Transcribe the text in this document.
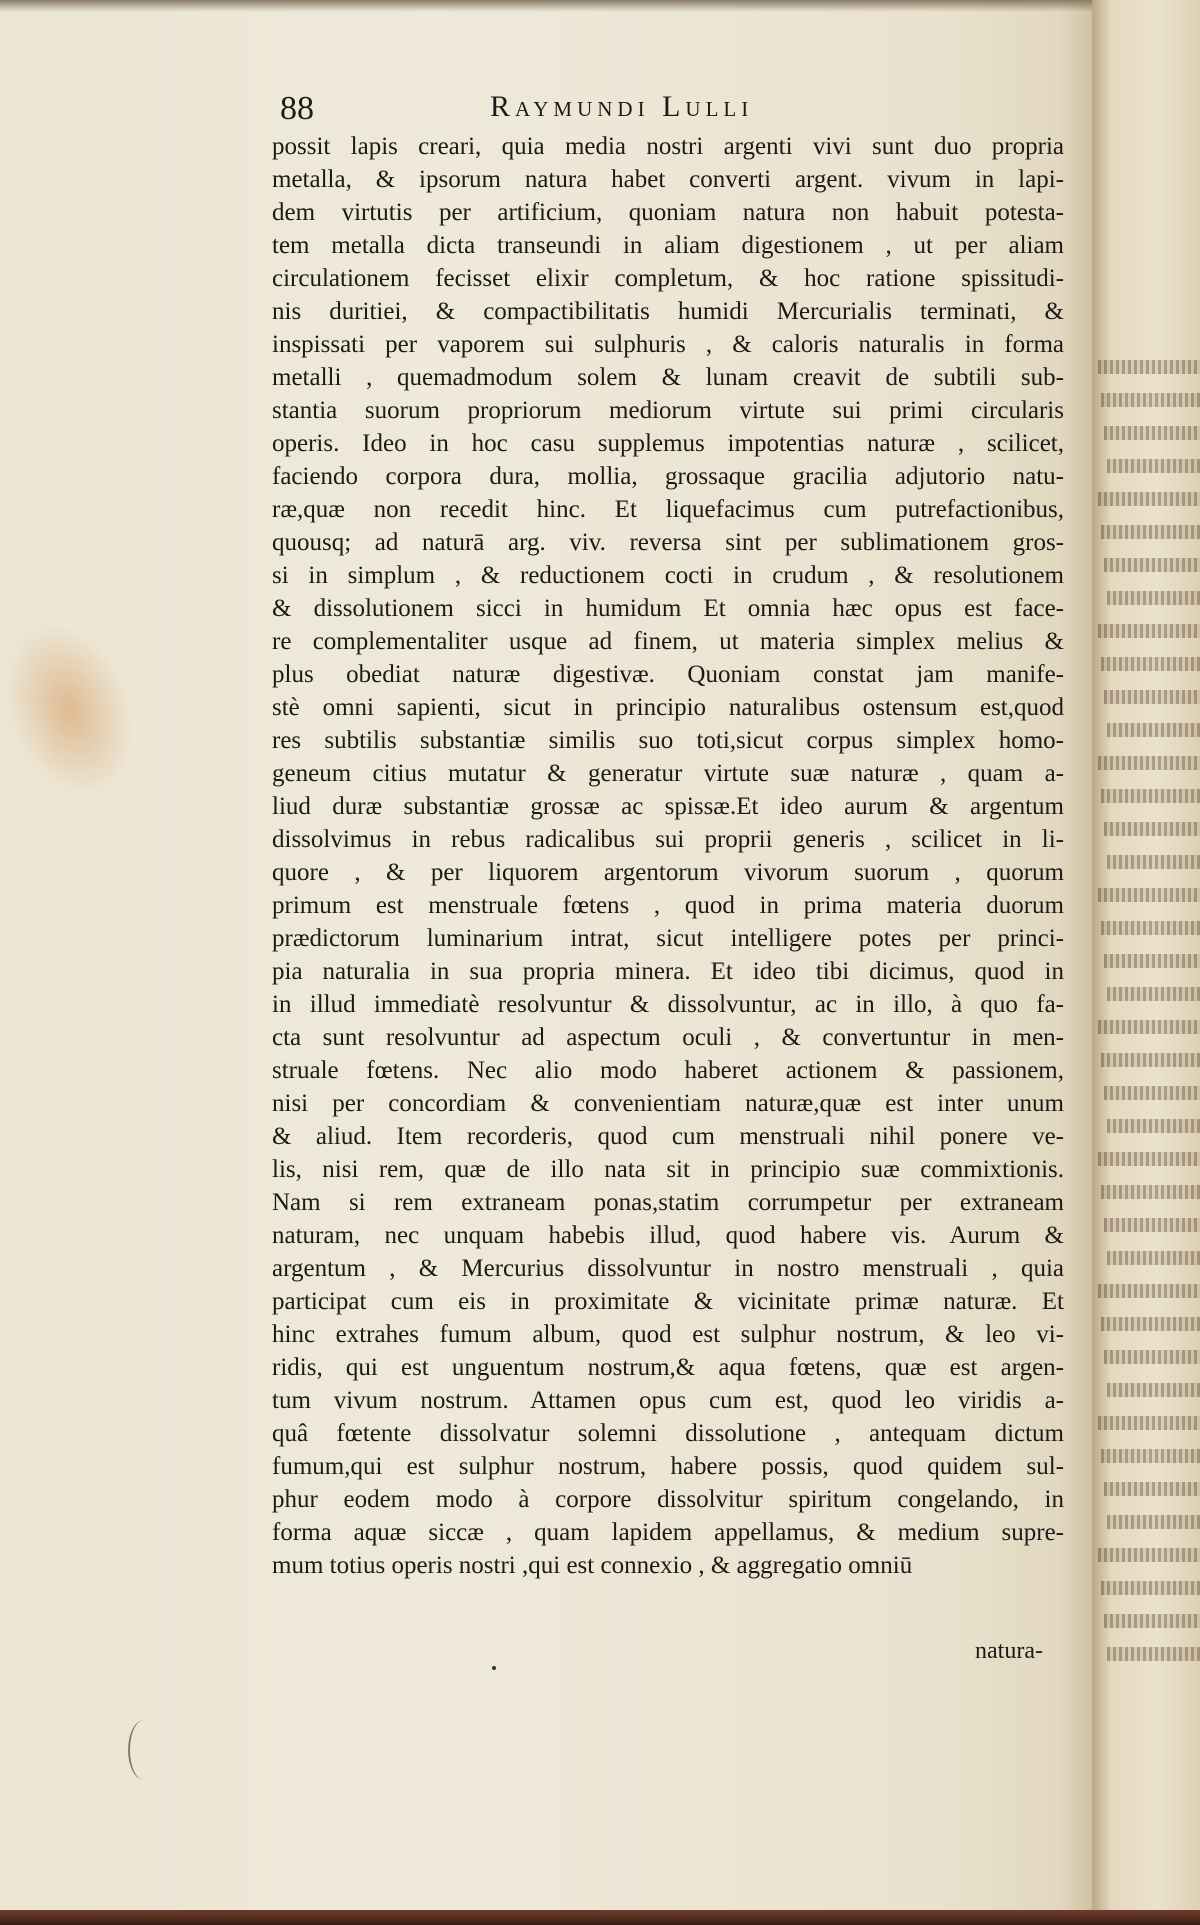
88	Raymundi Lulli
possit lapis creari, quia media nostri argenti vivi sunt duo propria
metalla, & ipsorum natura habet converti argent. vivum in lapi-
dem virtutis per artificium, quoniam natura non habuit potesta-
tem metalla dicta transeundi in aliam digestionem , ut per aliam
circulationem fecisset elixir completum, & hoc ratione spissitudi-
nis duritiei, & compactibilitatis humidi Mercurialis terminati, &
inspissati per vaporem sui sulphuris , & caloris naturalis in forma
metalli , quemadmodum solem & lunam creavit de subtili sub-
stantia suorum propriorum mediorum virtute sui primi circularis
operis. Ideo in hoc casu supplemus impotentias naturæ , scilicet,
faciendo corpora dura, mollia, grossaque gracilia adjutorio natu-
ræ,quæ non recedit hinc. Et liquefacimus cum putrefactionibus,
quousq; ad naturā arg. viv. reversa sint per sublimationem gros-
si in simplum , & reductionem cocti in crudum , & resolutionem
& dissolutionem sicci in humidum Et omnia hæc opus est face-
re complementaliter usque ad finem, ut materia simplex melius &
plus obediat naturæ digestivæ. Quoniam constat jam manife-
stè omni sapienti, sicut in principio naturalibus ostensum est,quod
res subtilis substantiæ similis suo toti,sicut corpus simplex homo-
geneum citius mutatur & generatur virtute suæ naturæ , quam a-
liud duræ substantiæ grossæ ac spissæ.Et ideo aurum & argentum
dissolvimus in rebus radicalibus sui proprii generis , scilicet in li-
quore , & per liquorem argentorum vivorum suorum , quorum
primum est menstruale fœtens , quod in prima materia duorum
prædictorum luminarium intrat, sicut intelligere potes per princi-
pia naturalia in sua propria minera. Et ideo tibi dicimus, quod in
in illud immediatè resolvuntur & dissolvuntur, ac in illo, à quo fa-
cta sunt resolvuntur ad aspectum oculi , & convertuntur in men-
struale fœtens. Nec alio modo haberet actionem & passionem,
nisi per concordiam & convenientiam naturæ,quæ est inter unum
& aliud. Item recorderis, quod cum menstruali nihil ponere ve-
lis, nisi rem, quæ de illo nata sit in principio suæ commixtionis.
Nam si rem extraneam ponas,statim corrumpetur per extraneam
naturam, nec unquam habebis illud, quod habere vis. Aurum &
argentum , & Mercurius dissolvuntur in nostro menstruali , quia
participat cum eis in proximitate & vicinitate primæ naturæ. Et
hinc extrahes fumum album, quod est sulphur nostrum, & leo vi-
ridis, qui est unguentum nostrum,& aqua fœtens, quæ est argen-
tum vivum nostrum. Attamen opus cum est, quod leo viridis a-
quâ fœtente dissolvatur solemni dissolutione , antequam dictum
fumum,qui est sulphur nostrum, habere possis, quod quidem sul-
phur eodem modo à corpore dissolvitur spiritum congelando, in
forma aquæ siccæ , quam lapidem appellamus, & medium supre-
mum totius operis nostri ,qui est connexio , & aggregatio omniū
natura-
